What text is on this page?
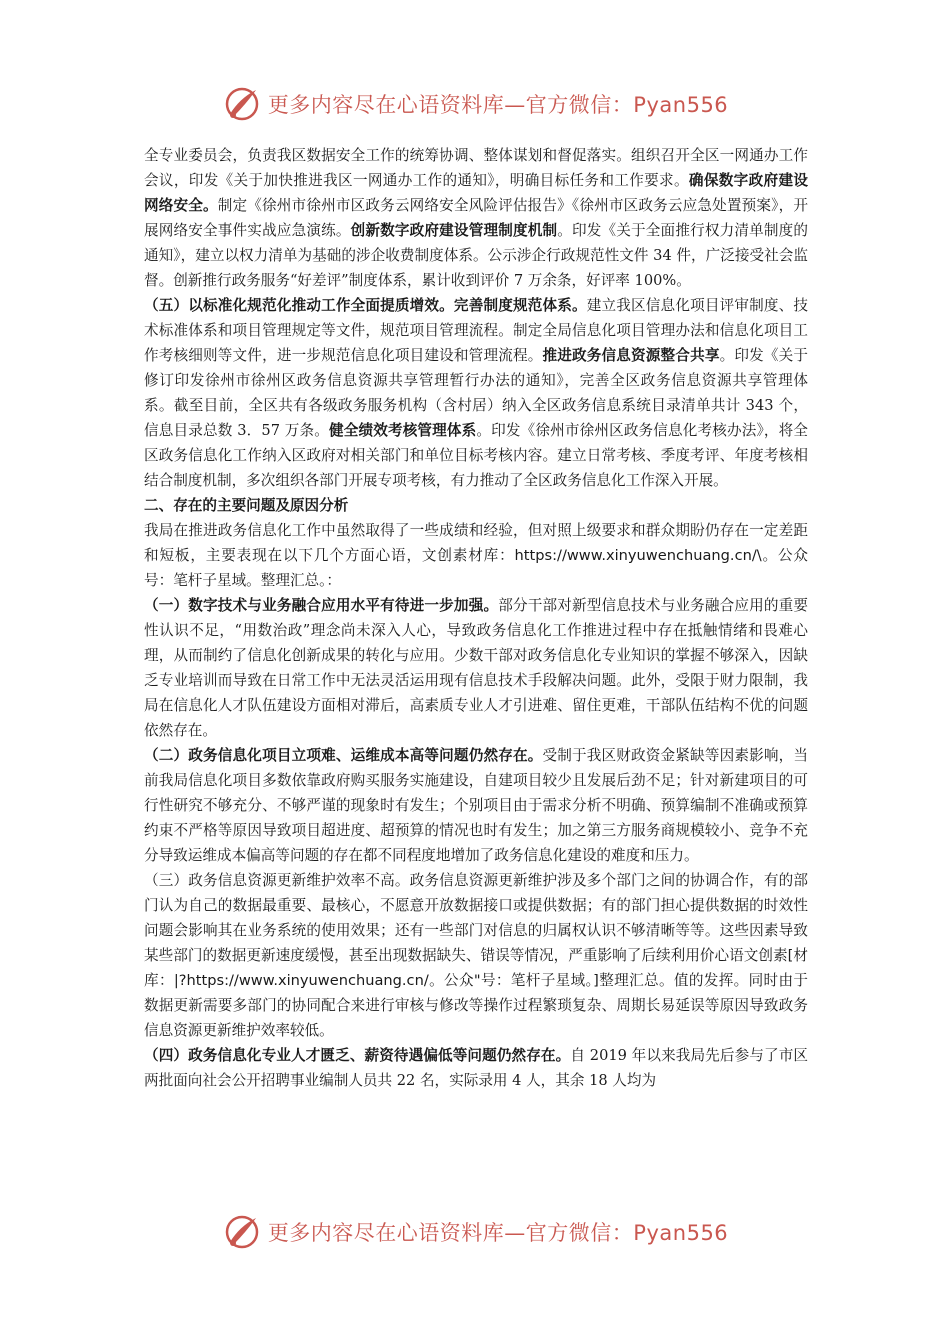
更多内容尽在心语资料库—官方微信：Pyan556

全专业委员会，负责我区数据安全工作的统筹协调、整体谋划和督促落实。组织召开全区一网通办工作会议，印发《关于加快推进我区一网通办工作的通知》，明确目标任务和工作要求。确保数字政府建设网络安全。制定《徐州市徐州市区政务云网络安全风险评估报告》《徐州市区政务云应急处置预案》，开展网络安全事件实战应急演练。创新数字政府建设管理制度机制。印发《关于全面推行权力清单制度的通知》，建立以权力清单为基础的涉企收费制度体系。公示涉企行政规范性文件 34 件，广泛接受社会监督。创新推行政务服务“好差评”制度体系，累计收到评价 7 万余条，好评率 100%。

（五）以标准化规范化推动工作全面提质增效。完善制度规范体系。建立我区信息化项目评审制度、技术标准体系和项目管理规定等文件，规范项目管理流程。制定全局信息化项目管理办法和信息化项目工作考核细则等文件，进一步规范信息化项目建设和管理流程。推进政务信息资源整合共享。印发《关于修订印发徐州市徐州区政务信息资源共享管理暂行办法的通知》，完善全区政务信息资源共享管理体系。截至目前，全区共有各级政务服务机构（含村居）纳入全区政务信息系统目录清单共计 343 个，信息目录总数 3．57 万条。健全绩效考核管理体系。印发《徐州市徐州区政务信息化考核办法》，将全区政务信息化工作纳入区政府对相关部门和单位目标考核内容。建立日常考核、季度考评、年度考核相结合制度机制，多次组织各部门开展专项考核，有力推动了全区政务信息化工作深入开展。

二、存在的主要问题及原因分析

我局在推进政务信息化工作中虽然取得了一些成绩和经验，但对照上级要求和群众期盼仍存在一定差距和短板，主要表现在以下几个方面心语，文创素材库：https://www.xinyuwenchuang.cn/\。公众号：笔杆子星域。整理汇总。：

（一）数字技术与业务融合应用水平有待进一步加强。部分干部对新型信息技术与业务融合应用的重要性认识不足，“用数治政”理念尚未深入人心，导致政务信息化工作推进过程中存在抵触情绪和畏难心理，从而制约了信息化创新成果的转化与应用。少数干部对政务信息化专业知识的掌握不够深入，因缺乏专业培训而导致在日常工作中无法灵活运用现有信息技术手段解决问题。此外，受限于财力限制，我局在信息化人才队伍建设方面相对滞后，高素质专业人才引进难、留住更难，干部队伍结构不优的问题依然存在。

（二）政务信息化项目立项难、运维成本高等问题仍然存在。受制于我区财政资金紧缺等因素影响，当前我局信息化项目多数依靠政府购买服务实施建设，自建项目较少且发展后劲不足；针对新建项目的可行性研究不够充分、不够严谨的现象时有发生；个别项目由于需求分析不明确、预算编制不准确或预算约束不严格等原因导致项目超进度、超预算的情况也时有发生；加之第三方服务商规模较小、竞争不充分导致运维成本偏高等问题的存在都不同程度地增加了政务信息化建设的难度和压力。

（三）政务信息资源更新维护效率不高。政务信息资源更新维护涉及多个部门之间的协调合作，有的部门认为自己的数据最重要、最核心，不愿意开放数据接口或提供数据；有的部门担心提供数据的时效性问题会影响其在业务系统的使用效果；还有一些部门对信息的归属权认识不够清晰等等。这些因素导致某些部门的数据更新速度缓慢，甚至出现数据缺失、错误等情况，严重影响了后续利用价心语文创素[材库：|?https://www.xinyuwenchuang.cn/。公众"号：笔杆子星域。]整理汇总。值的发挥。同时由于数据更新需要多部门的协同配合来进行审核与修改等操作过程繁琐复杂、周期长易延误等原因导致政务信息资源更新维护效率较低。

（四）政务信息化专业人才匮乏、薪资待遇偏低等问题仍然存在。自 2019 年以来我局先后参与了市区两批面向社会公开招聘事业编制人员共 22 名，实际录用 4 人，其余 18 人均为

更多内容尽在心语资料库—官方微信：Pyan556
